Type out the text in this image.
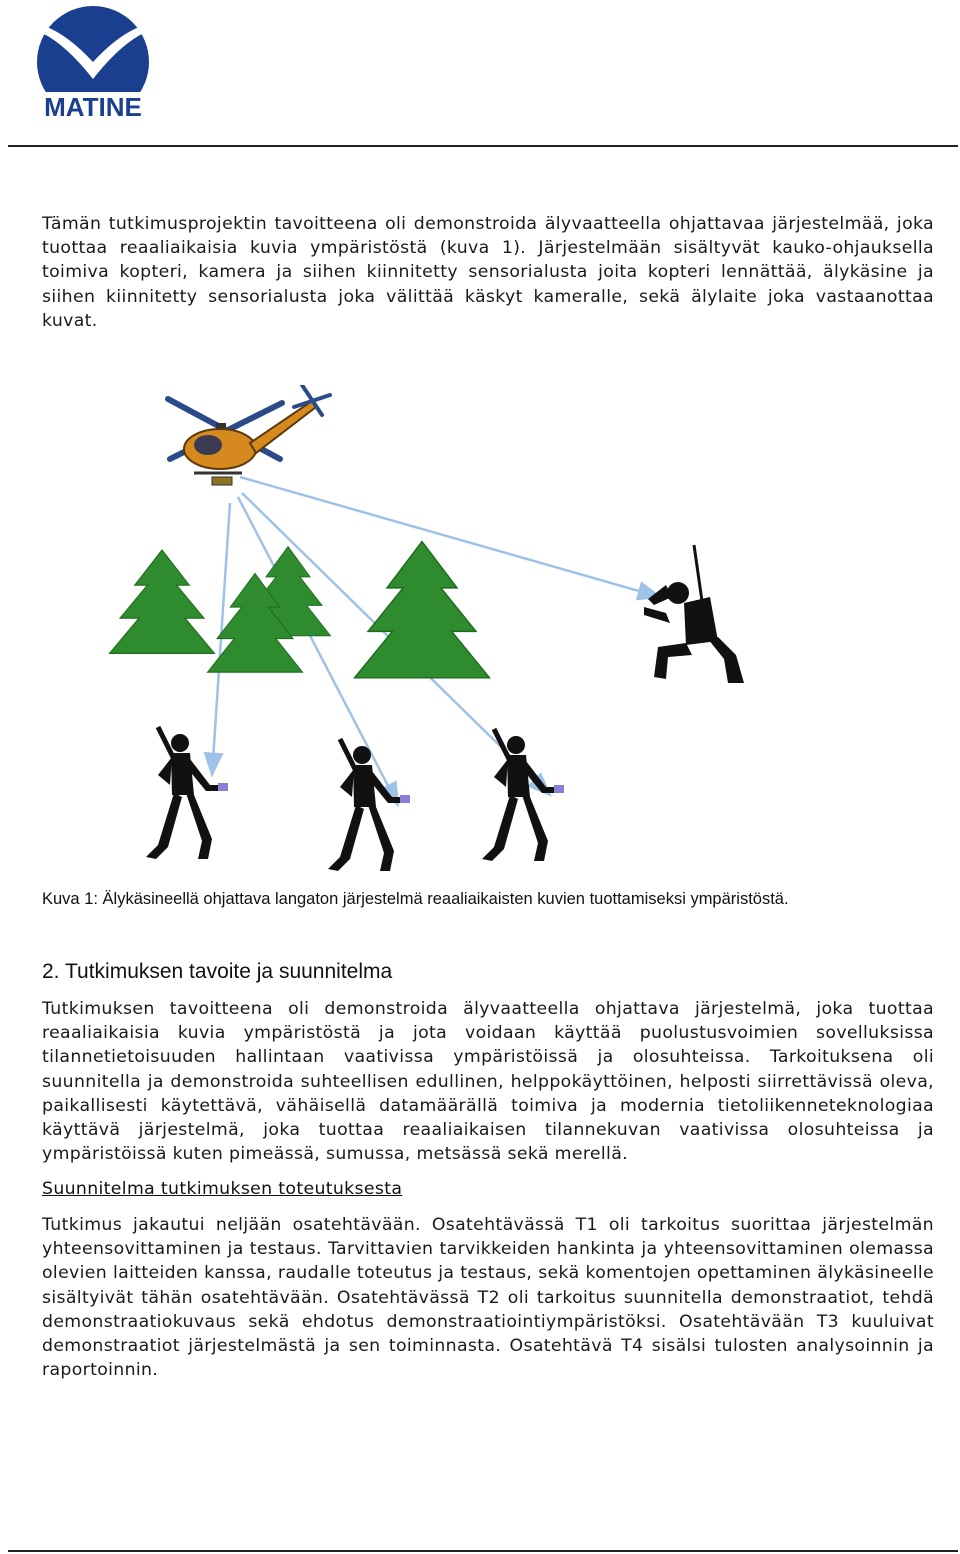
MATINE

Tämän tutkimusprojektin tavoitteena oli demonstroida älyvaatteella ohjattavaa järjestelmää, joka tuottaa reaaliaikaisia kuvia ympäristöstä (kuva 1). Järjestelmään sisältyvät kauko-ohjauksella toimiva kopteri, kamera ja siihen kiinnitetty sensorialusta joita kopteri lennättää, älykäsine ja siihen kiinnitetty sensorialusta joka välittää käskyt kameralle, sekä älylaite joka vastaanottaa kuvat.

Kuva 1: Älykäsineellä ohjattava langaton järjestelmä reaaliaikaisten kuvien tuottamiseksi ympäristöstä.

2. Tutkimuksen tavoite ja suunnitelma

Tutkimuksen tavoitteena oli demonstroida älyvaatteella ohjattava järjestelmä, joka tuottaa reaaliaikaisia kuvia ympäristöstä ja jota voidaan käyttää puolustusvoimien sovelluksissa tilannetietoisuuden hallintaan vaativissa ympäristöissä ja olosuhteissa. Tarkoituksena oli suunnitella ja demonstroida suhteellisen edullinen, helppokäyttöinen, helposti siirrettävissä oleva, paikallisesti käytettävä, vähäisellä datamäärällä toimiva ja modernia tietoliikenneteknologiaa käyttävä järjestelmä, joka tuottaa reaaliaikaisen tilannekuvan vaativissa olosuhteissa ja ympäristöissä kuten pimeässä, sumussa, metsässä sekä merellä.

Suunnitelma tutkimuksen toteutuksesta

Tutkimus jakautui neljään osatehtävään. Osatehtävässä T1 oli tarkoitus suorittaa järjestelmän yhteensovittaminen ja testaus. Tarvittavien tarvikkeiden hankinta ja yhteensovittaminen olemassa olevien laitteiden kanssa, raudalle toteutus ja testaus, sekä komentojen opettaminen älykäsineelle sisältyivät tähän osatehtävään. Osatehtävässä T2 oli tarkoitus suunnitella demonstraatiot, tehdä demonstraatiokuvaus sekä ehdotus demonstraatiointiympäristöksi. Osatehtävään T3 kuuluivat demonstraatiot järjestelmästä ja sen toiminnasta. Osatehtävä T4 sisälsi tulosten analysoinnin ja raportoinnin.
